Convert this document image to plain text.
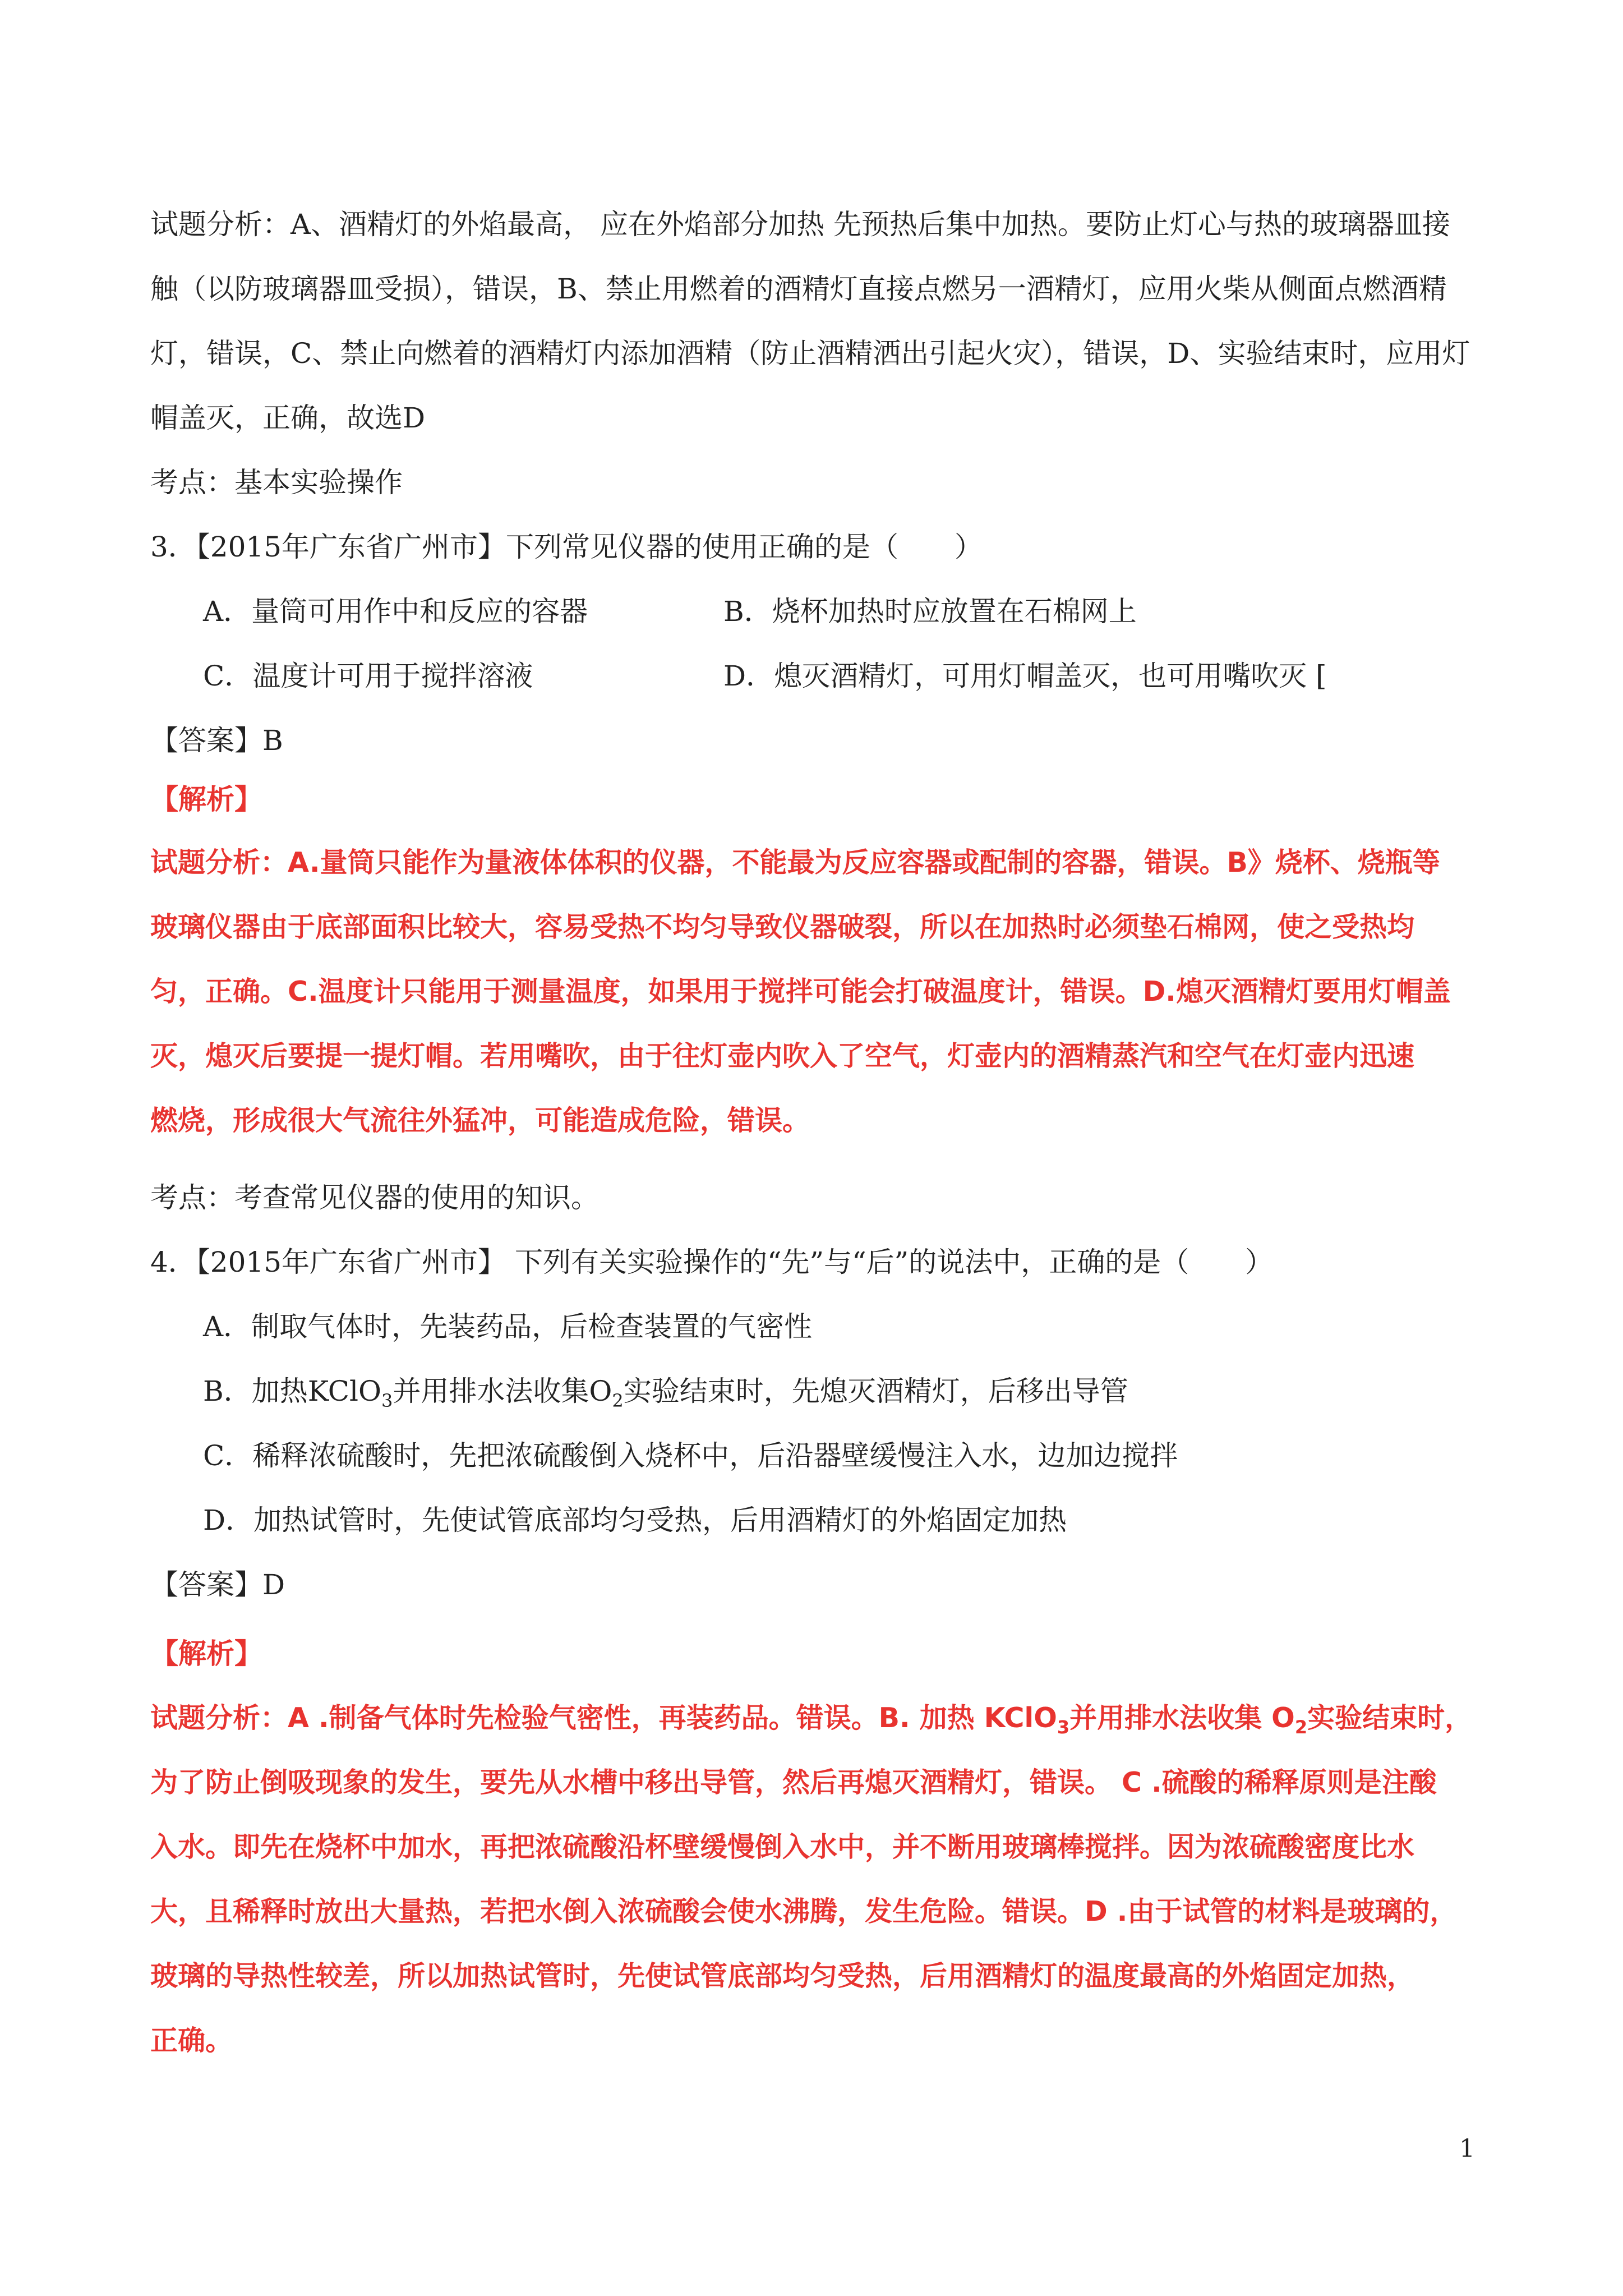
试题分析：A、酒精灯的外焰最高， 应在外焰部分加热 先预热后集中加热。要防止灯心与热的玻璃器皿接
触（以防玻璃器皿受损），错误，B、禁止用燃着的酒精灯直接点燃另一酒精灯，应用火柴从侧面点燃酒精
灯，错误，C、禁止向燃着的酒精灯内添加酒精（防止酒精洒出引起火灾），错误，D、实验结束时，应用灯
帽盖灭，正确，故选D
考点：基本实验操作
3．【2015年广东省广州市】下列常见仪器的使用正确的是（　　）
A．量筒可用作中和反应的容器	B．烧杯加热时应放置在石棉网上
C．温度计可用于搅拌溶液	D．熄灭酒精灯，可用灯帽盖灭，也可用嘴吹灭 [
【答案】B
【解析】
试题分析：A.量筒只能作为量液体体积的仪器，不能最为反应容器或配制的容器，错误。B》烧杯、烧瓶等
玻璃仪器由于底部面积比较大，容易受热不均匀导致仪器破裂，所以在加热时必须垫石棉网，使之受热均
匀，正确。C.温度计只能用于测量温度，如果用于搅拌可能会打破温度计，错误。D.熄灭酒精灯要用灯帽盖
灭，熄灭后要提一提灯帽。若用嘴吹，由于往灯壶内吹入了空气，灯壶内的酒精蒸汽和空气在灯壶内迅速
燃烧，形成很大气流往外猛冲，可能造成危险，错误。
考点：考查常见仪器的使用的知识。
4．【2015年广东省广州市】 下列有关实验操作的“先”与“后”的说法中，正确的是（　　）
A．制取气体时，先装药品，后检查装置的气密性
B．加热KClO$_3$并用排水法收集$O_2$实验结束时，先熄灭酒精灯，后移出导管
C．稀释浓硫酸时，先把浓硫酸倒入烧杯中，后沿器壁缓慢注入水，边加边搅拌
D．加热试管时，先使试管底部均匀受热，后用酒精灯的外焰固定加热
【答案】D
【解析】
试题分析：A .制备气体时先检验气密性，再装药品。错误。B. 加热 KClO$_3$并用排水法收集 $O_2$实验结束时，
为了防止倒吸现象的发生，要先从水槽中移出导管，然后再熄灭酒精灯，错误。 C .硫酸的稀释原则是注酸
入水。即先在烧杯中加水，再把浓硫酸沿杯壁缓慢倒入水中，并不断用玻璃棒搅拌。因为浓硫酸密度比水
大，且稀释时放出大量热，若把水倒入浓硫酸会使水沸腾，发生危险。错误。D .由于试管的材料是玻璃的，
玻璃的导热性较差，所以加热试管时，先使试管底部均匀受热，后用酒精灯的温度最高的外焰固定加热，
正确。
1
